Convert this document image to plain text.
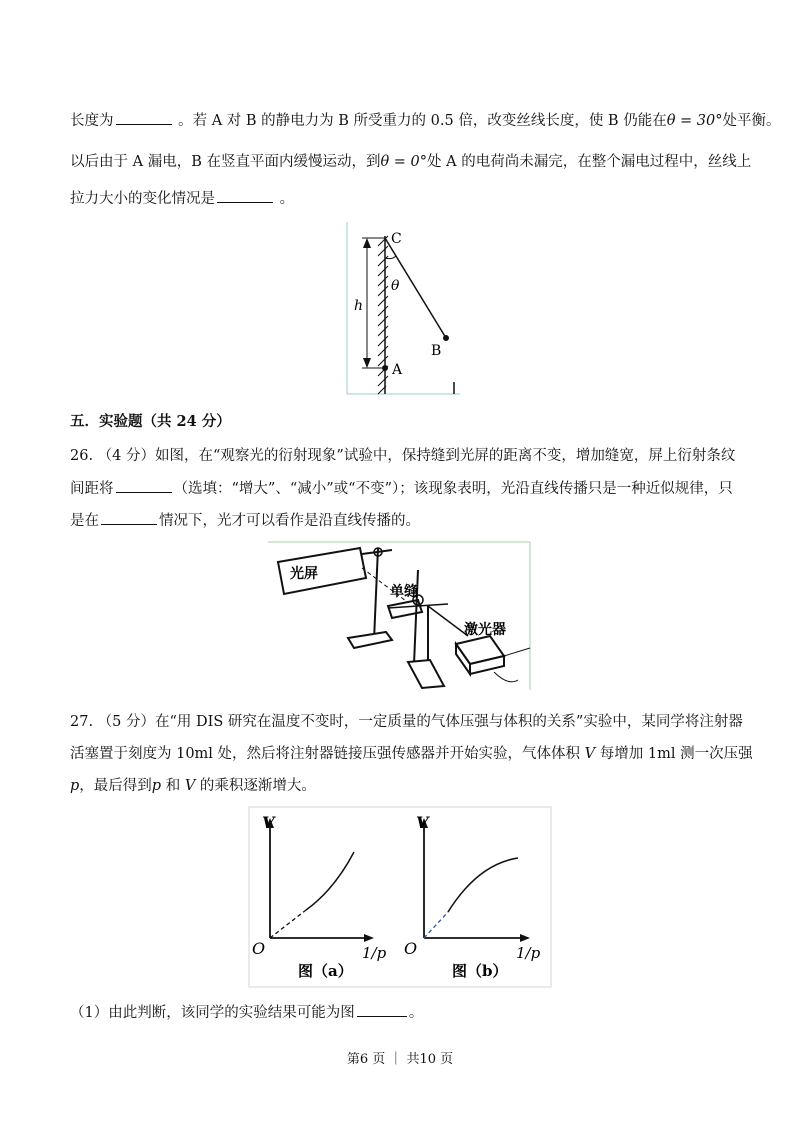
长度为	。若 A 对 B 的静电力为 B 所受重力的 0.5 倍，改变丝线长度，使 B 仍能在θ = 30°处平衡。
以后由于 A 漏电，B 在竖直平面内缓慢运动，到θ = 0°处 A 的电荷尚未漏完，在整个漏电过程中，丝线上
拉力大小的变化情况是	。
C
θ
h
B
A
五．实验题（共 24 分）
26. （4 分）如图，在“观察光的衍射现象”试验中，保持缝到光屏的距离不变，增加缝宽，屏上衍射条纹
间距将	（选填：“增大”、“减小”或“不变”）；该现象表明，光沿直线传播只是一种近似规律，只
是在	情况下，光才可以看作是沿直线传播的。
光屏
单缝
激光器
27. （5 分）在“用 DIS 研究在温度不变时，一定质量的气体压强与体积的关系”实验中，某同学将注射器
活塞置于刻度为 10ml 处，然后将注射器链接压强传感器并开始实验，气体体积 V 每增加 1ml 测一次压强
p，最后得到p 和 V 的乘积逐渐增大。
V
O	1/p
图（a）
V
O	1/p
图（b）
（1）由此判断，该同学的实验结果可能为图	。
第6 页 ｜ 共10 页
